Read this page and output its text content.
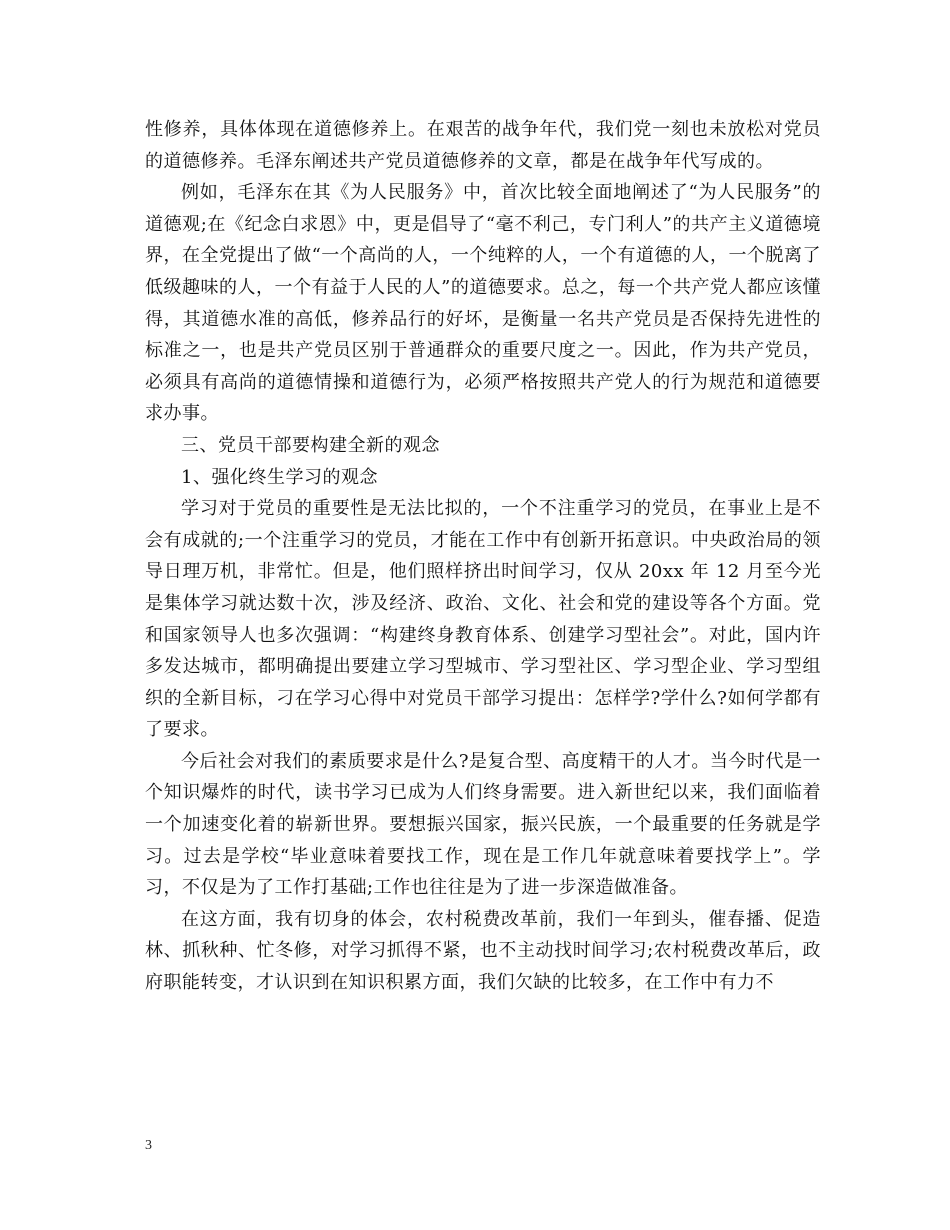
性修养，具体体现在道德修养上。在艰苦的战争年代，我们党一刻也未放松对党员的道德修养。毛泽东阐述共产党员道德修养的文章，都是在战争年代写成的。

例如，毛泽东在其《为人民服务》中，首次比较全面地阐述了“为人民服务”的道德观;在《纪念白求恩》中，更是倡导了“毫不利己，专门利人”的共产主义道德境界，在全党提出了做“一个高尚的人，一个纯粹的人，一个有道德的人，一个脱离了低级趣味的人，一个有益于人民的人”的道德要求。总之，每一个共产党人都应该懂得，其道德水准的高低，修养品行的好坏，是衡量一名共产党员是否保持先进性的标准之一，也是共产党员区别于普通群众的重要尺度之一。因此，作为共产党员，必须具有高尚的道德情操和道德行为，必须严格按照共产党人的行为规范和道德要求办事。

三、党员干部要构建全新的观念

1、强化终生学习的观念

学习对于党员的重要性是无法比拟的，一个不注重学习的党员，在事业上是不会有成就的;一个注重学习的党员，才能在工作中有创新开拓意识。中央政治局的领导日理万机，非常忙。但是，他们照样挤出时间学习，仅从 20xx 年 12 月至今光是集体学习就达数十次，涉及经济、政治、文化、社会和党的建设等各个方面。党和国家领导人也多次强调：“构建终身教育体系、创建学习型社会”。对此，国内许多发达城市，都明确提出要建立学习型城市、学习型社区、学习型企业、学习型组织的全新目标，刁在学习心得中对党员干部学习提出：怎样学?学什么?如何学都有了要求。

今后社会对我们的素质要求是什么?是复合型、高度精干的人才。当今时代是一个知识爆炸的时代，读书学习已成为人们终身需要。进入新世纪以来，我们面临着一个加速变化着的崭新世界。要想振兴国家，振兴民族，一个最重要的任务就是学习。过去是学校“毕业意味着要找工作，现在是工作几年就意味着要找学上”。学习，不仅是为了工作打基础;工作也往往是为了进一步深造做准备。

在这方面，我有切身的体会，农村税费改革前，我们一年到头，催春播、促造林、抓秋种、忙冬修，对学习抓得不紧，也不主动找时间学习;农村税费改革后，政府职能转变，才认识到在知识积累方面，我们欠缺的比较多，在工作中有力不

3
